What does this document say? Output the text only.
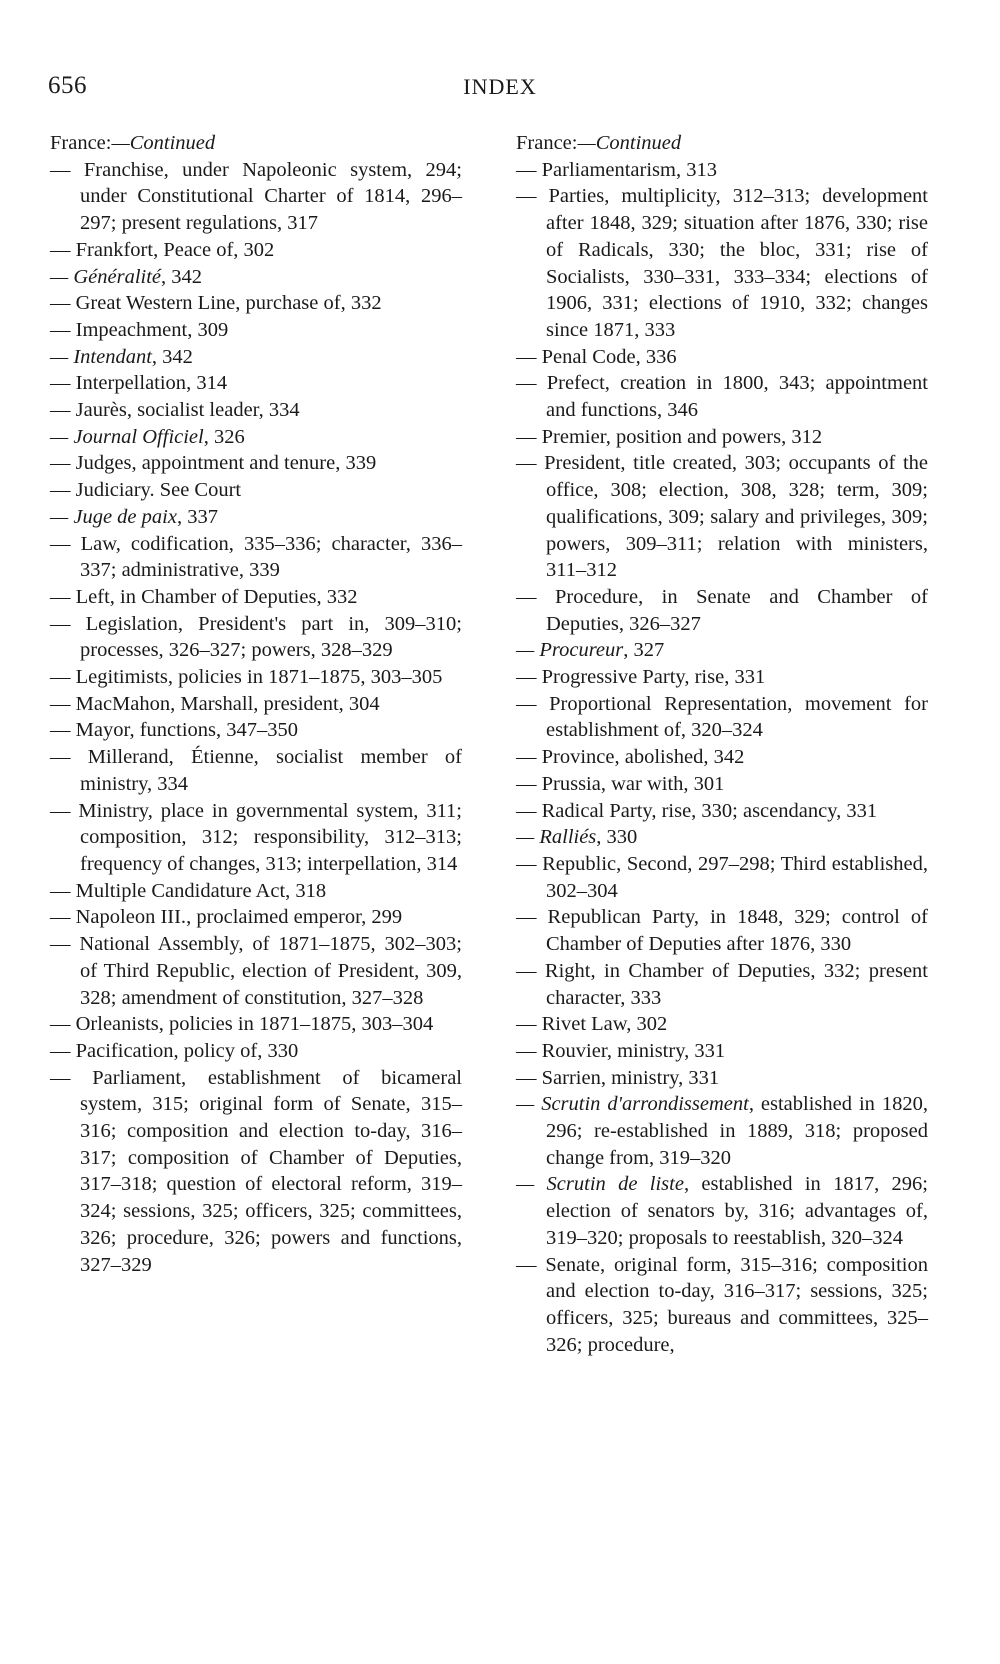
656	INDEX
France:—Continued

— Franchise, under Napoleonic system, 294; under Constitutional Charter of 1814, 296–297; present regulations, 317

— Frankfort, Peace of, 302

— Généralité, 342

— Great Western Line, purchase of, 332

— Impeachment, 309

— Intendant, 342

— Interpellation, 314

— Jaurès, socialist leader, 334

— Journal Officiel, 326

— Judges, appointment and tenure, 339

— Judiciary. See Court

— Juge de paix, 337

— Law, codification, 335–336; character, 336–337; administrative, 339

— Left, in Chamber of Deputies, 332

— Legislation, President's part in, 309–310; processes, 326–327; powers, 328–329

— Legitimists, policies in 1871–1875, 303–305

— MacMahon, Marshall, president, 304

— Mayor, functions, 347–350

— Millerand, Étienne, socialist member of ministry, 334

— Ministry, place in governmental system, 311; composition, 312; responsibility, 312–313; frequency of changes, 313; interpellation, 314

— Multiple Candidature Act, 318

— Napoleon III., proclaimed emperor, 299

— National Assembly, of 1871–1875, 302–303; of Third Republic, election of President, 309, 328; amendment of constitution, 327–328

— Orleanists, policies in 1871–1875, 303–304

— Pacification, policy of, 330

— Parliament, establishment of bicameral system, 315; original form of Senate, 315–316; composition and election to-day, 316–317; composition of Chamber of Deputies, 317–318; question of electoral reform, 319–324; sessions, 325; officers, 325; committees, 326; procedure, 326; powers and functions, 327–329

France:—Continued

— Parliamentarism, 313

— Parties, multiplicity, 312–313; development after 1848, 329; situation after 1876, 330; rise of Radicals, 330; the bloc, 331; rise of Socialists, 330–331, 333–334; elections of 1906, 331; elections of 1910, 332; changes since 1871, 333

— Penal Code, 336

— Prefect, creation in 1800, 343; appointment and functions, 346

— Premier, position and powers, 312

— President, title created, 303; occupants of the office, 308; election, 308, 328; term, 309; qualifications, 309; salary and privileges, 309; powers, 309–311; relation with ministers, 311–312

— Procedure, in Senate and Chamber of Deputies, 326–327

— Procureur, 327

— Progressive Party, rise, 331

— Proportional Representation, movement for establishment of, 320–324

— Province, abolished, 342

— Prussia, war with, 301

— Radical Party, rise, 330; ascendancy, 331

— Ralliés, 330

— Republic, Second, 297–298; Third established, 302–304

— Republican Party, in 1848, 329; control of Chamber of Deputies after 1876, 330

— Right, in Chamber of Deputies, 332; present character, 333

— Rivet Law, 302

— Rouvier, ministry, 331

— Sarrien, ministry, 331

— Scrutin d'arrondissement, established in 1820, 296; re-established in 1889, 318; proposed change from, 319–320

— Scrutin de liste, established in 1817, 296; election of senators by, 316; advantages of, 319–320; proposals to reestablish, 320–324

— Senate, original form, 315–316; composition and election to-day, 316–317; sessions, 325; officers, 325; bureaus and committees, 325–326; procedure,
